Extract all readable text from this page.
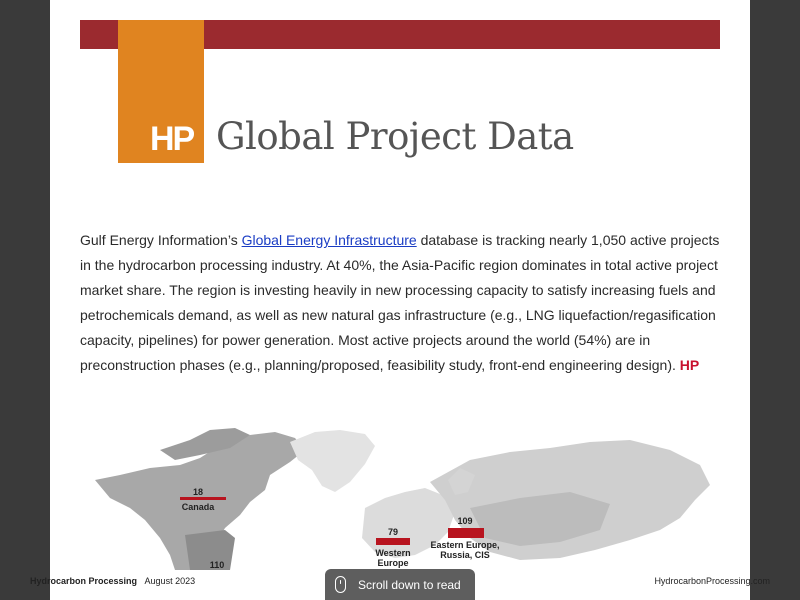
HP Global Project Data
Gulf Energy Information’s Global Energy Infrastructure database is tracking nearly 1,050 active projects in the hydrocarbon processing industry. At 40%, the Asia-Pacific region dominates in total active project market share. The region is investing heavily in new processing capacity to satisfy increasing fuels and petrochemicals demand, as well as new natural gas infrastructure (e.g., LNG liquefaction/regasification capacity, pipelines) for power generation. Most active projects around the world (54%) are in preconstruction phases (e.g., planning/proposed, feasibility study, front-end engineering design). HP
18
Canada
79
Western Europe
109
Eastern Europe,
Russia, CIS
110
Hydrocarbon Processing August 2023	HydrocarbonProcessing.com
Scroll down to read
